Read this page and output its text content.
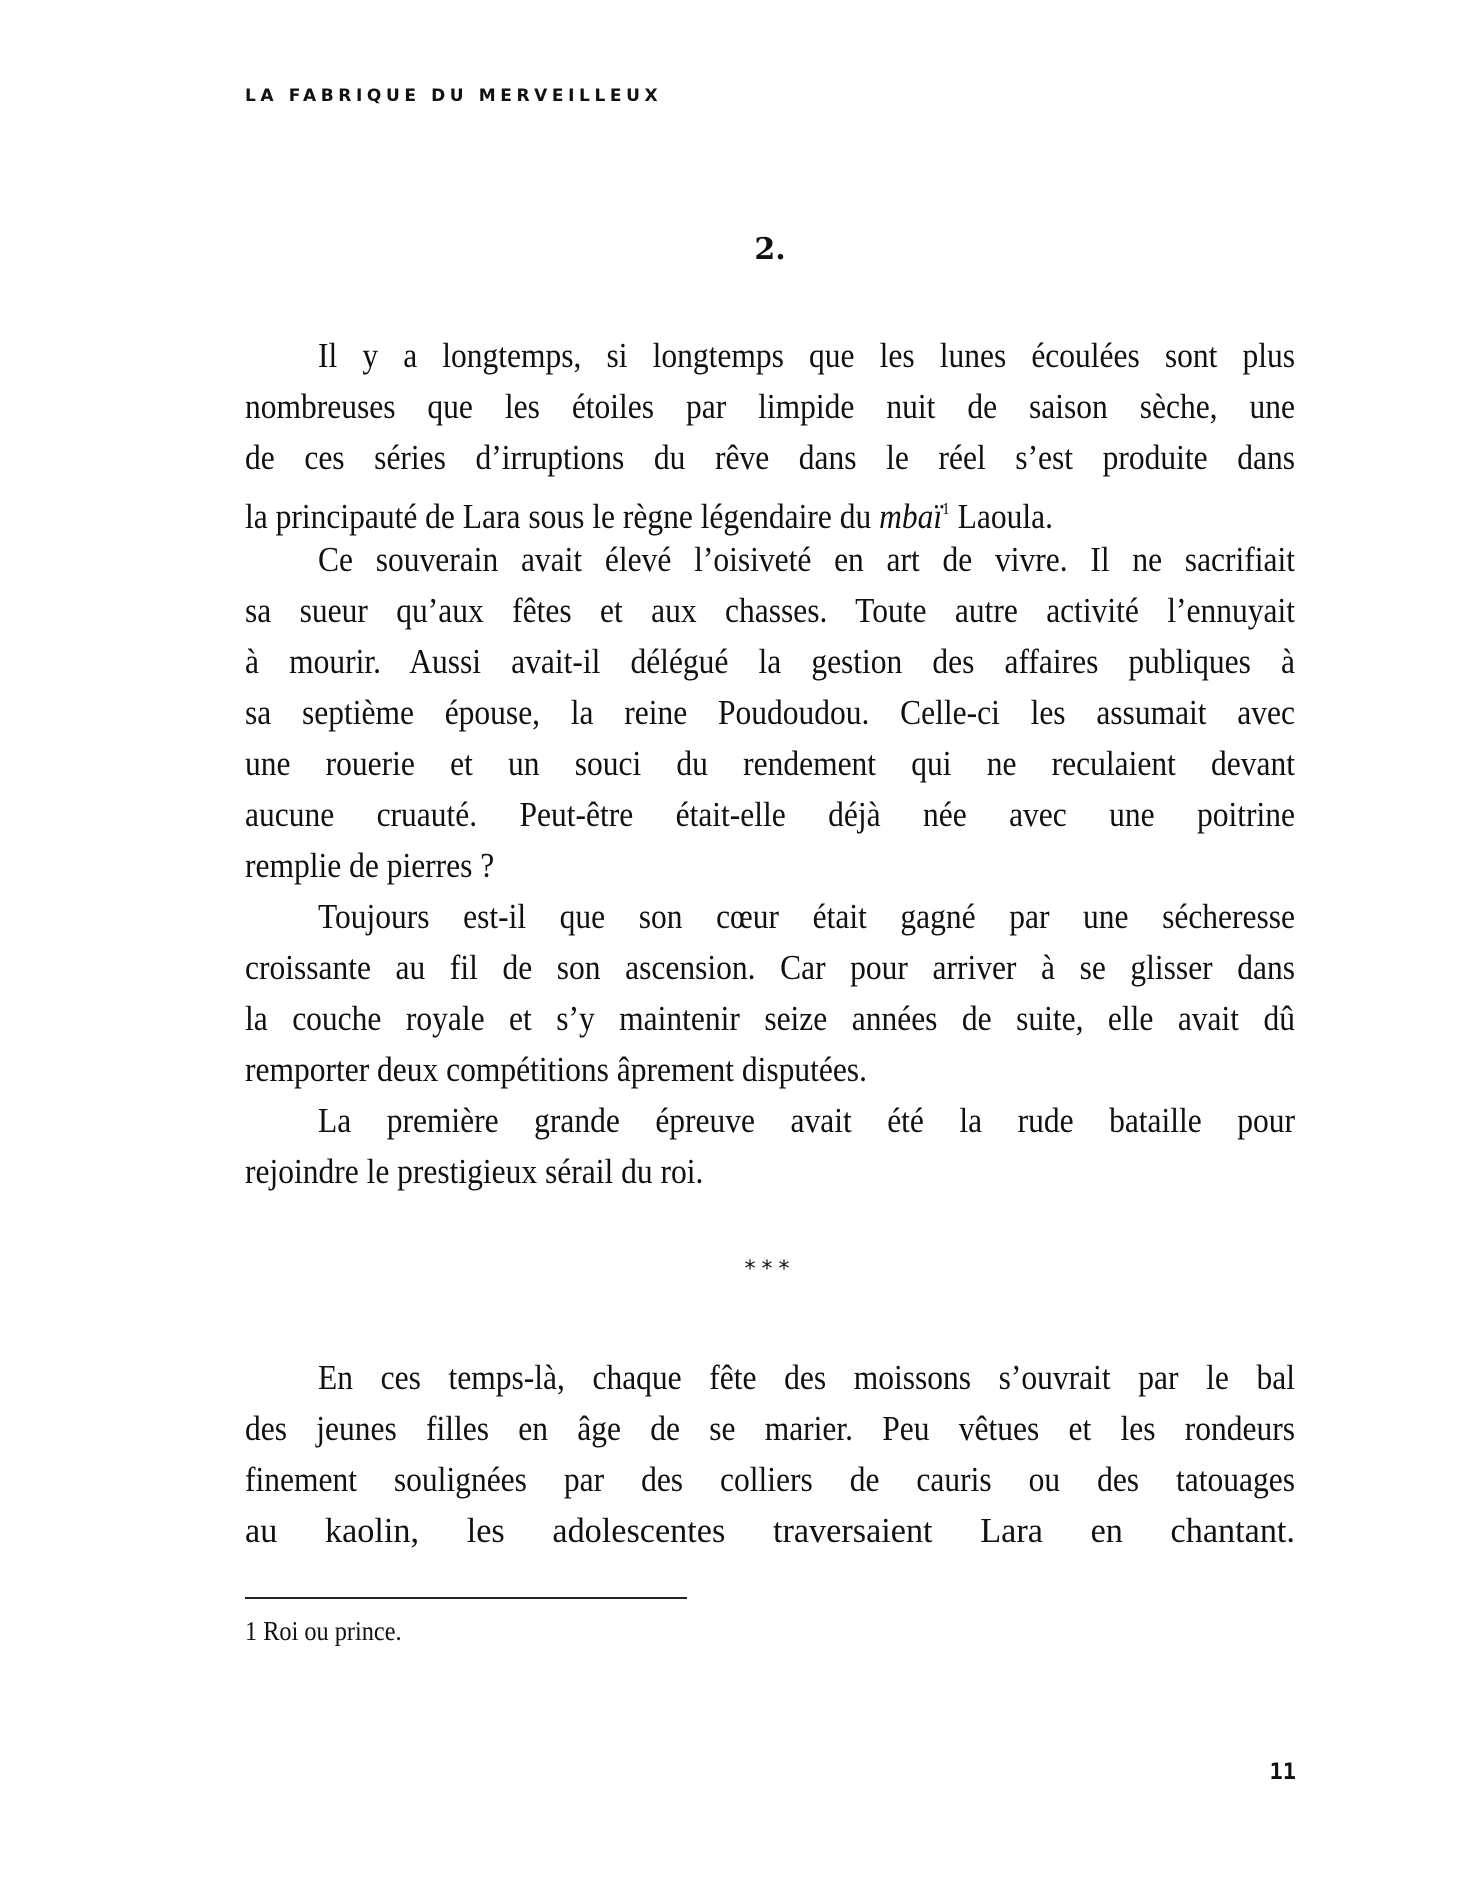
LA FABRIQUE DU MERVEILLEUX
2.
Il y a longtemps, si longtemps que les lunes écoulées sont plus
nombreuses que les étoiles par limpide nuit de saison sèche, une
de ces séries d’irruptions du rêve dans le réel s’est produite dans
la principauté de Lara sous le règne légendaire du mbaï$^1$ Laoula.
Ce souverain avait élevé l’oisiveté en art de vivre. Il ne sacrifiait
sa sueur qu’aux fêtes et aux chasses. Toute autre activité l’ennuyait
à mourir. Aussi avait-il délégué la gestion des affaires publiques à
sa septième épouse, la reine Poudoudou. Celle-ci les assumait avec
une rouerie et un souci du rendement qui ne reculaient devant
aucune cruauté. Peut-être était-elle déjà née avec une poitrine
remplie de pierres ?
Toujours est-il que son cœur était gagné par une sécheresse
croissante au fil de son ascension. Car pour arriver à se glisser dans
la couche royale et s’y maintenir seize années de suite, elle avait dû
remporter deux compétitions âprement disputées.
La première grande épreuve avait été la rude bataille pour
rejoindre le prestigieux sérail du roi.
***
En ces temps-là, chaque fête des moissons s’ouvrait par le bal
des jeunes filles en âge de se marier. Peu vêtues et les rondeurs
finement soulignées par des colliers de cauris ou des tatouages
au kaolin, les adolescentes traversaient Lara en chantant.
1 Roi ou prince.
11
